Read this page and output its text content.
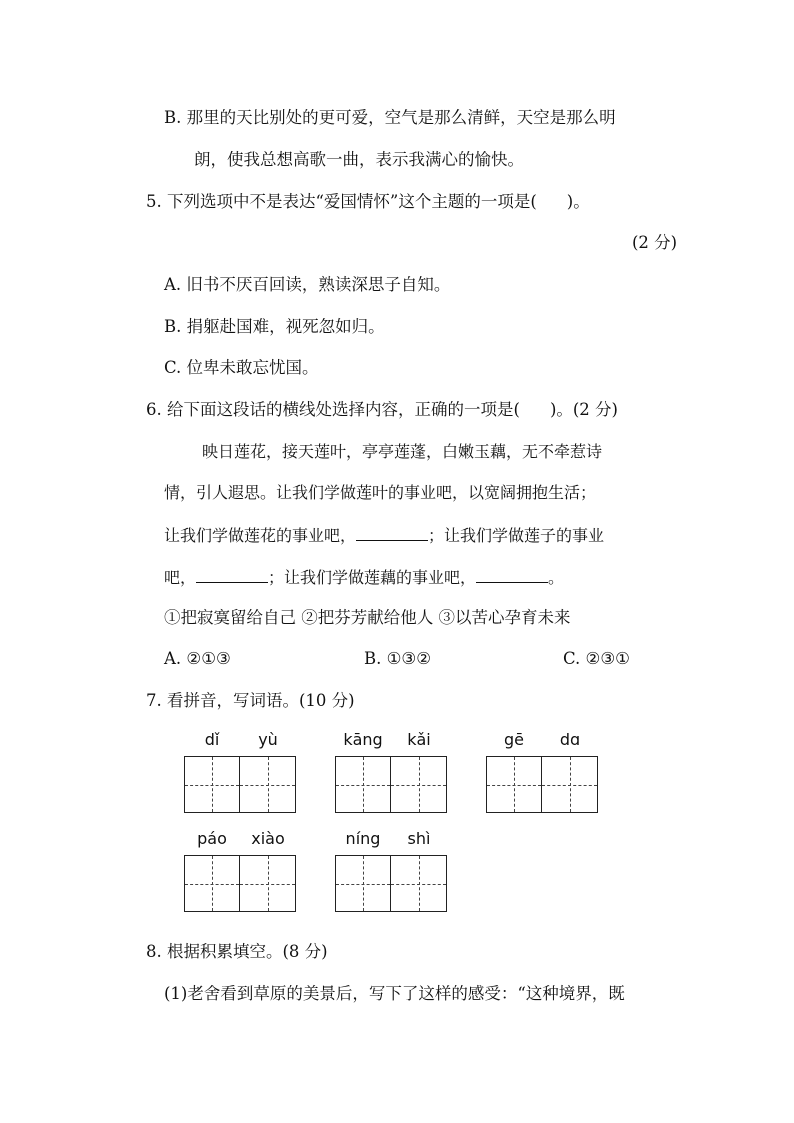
B. 那里的天比别处的更可爱，空气是那么清鲜，天空是那么明
朗，使我总想高歌一曲，表示我满心的愉快。
5. 下列选项中不是表达“爱国情怀”这个主题的一项是( )。
(2 分)
A. 旧书不厌百回读，熟读深思子自知。
B. 捐躯赴国难，视死忽如归。
C. 位卑未敢忘忧国。
6. 给下面这段话的横线处选择内容，正确的一项是( )。(2 分)
映日莲花，接天莲叶，亭亭莲蓬，白嫩玉藕，无不牵惹诗
情，引人遐思。让我们学做莲叶的事业吧，以宽阔拥抱生活；
让我们学做莲花的事业吧，	；让我们学做莲子的事业
吧，	；让我们学做莲藕的事业吧，	。
①把寂寞留给自己 ②把芬芳献给他人 ③以苦心孕育未来
A. ②①③	B. ①③②	C. ②③①
7. 看拼音，写词语。(10 分)
dǐ	yù	kāng	kǎi	gē	dɑ
páo	xiào	níng	shì
8. 根据积累填空。(8 分)
(1)老舍看到草原的美景后，写下了这样的感受：“这种境界，既
